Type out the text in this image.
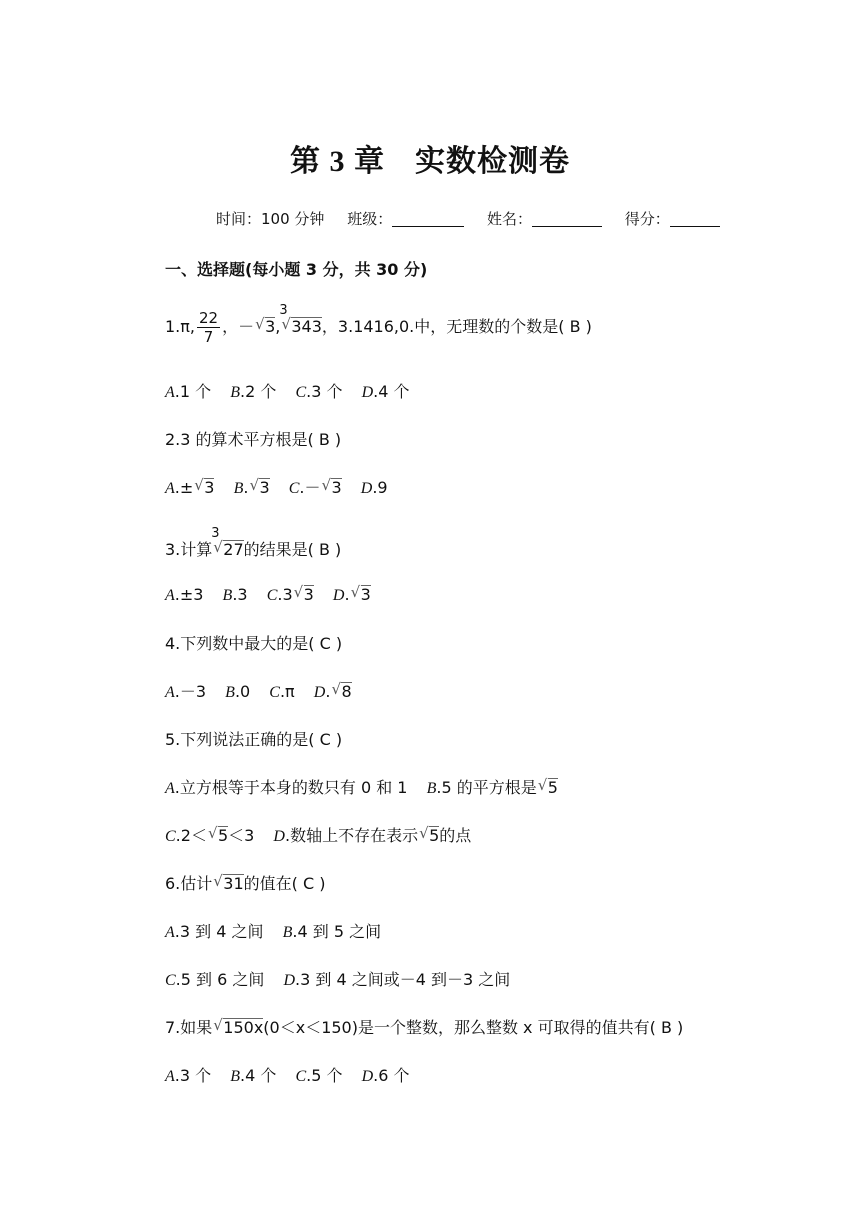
第 3 章 实数检测卷
时间：100 分钟 班级：	姓名：	得分：
一、选择题(每小题 3 分，共 30 分)
1.π, $\frac{22}{7}$ ，－ √ 3,
√ 3
343，3.1416,0.中，无理数的个数是( B )
A.1 个 B.2 个 C.3 个 D.4 个
2.3 的算术平方根是( B )
A.± √ 3 B. √ 3 C.－ √ 3 D.9
3.计算
√ 3
27的结果是( B )
A.±3 B.3 C.3 √ 3 D. √ 3
4.下列数中最大的是( C )
A.－3 B.0 C.π D. √ 8
5.下列说法正确的是( C )
A.立方根等于本身的数只有 0 和 1 B.5 的平方根是 √ 5
C.2＜ √ 5＜3 D.数轴上不存在表示 √ 5的点
6.估计 √ 31的值在( C )
A.3 到 4 之间 B.4 到 5 之间
C.5 到 6 之间 D.3 到 4 之间或－4 到－3 之间
7.如果 √ 150x(0＜x＜150)是一个整数，那么整数 x 可取得的值共有( B )
A.3 个 B.4 个 C.5 个 D.6 个
